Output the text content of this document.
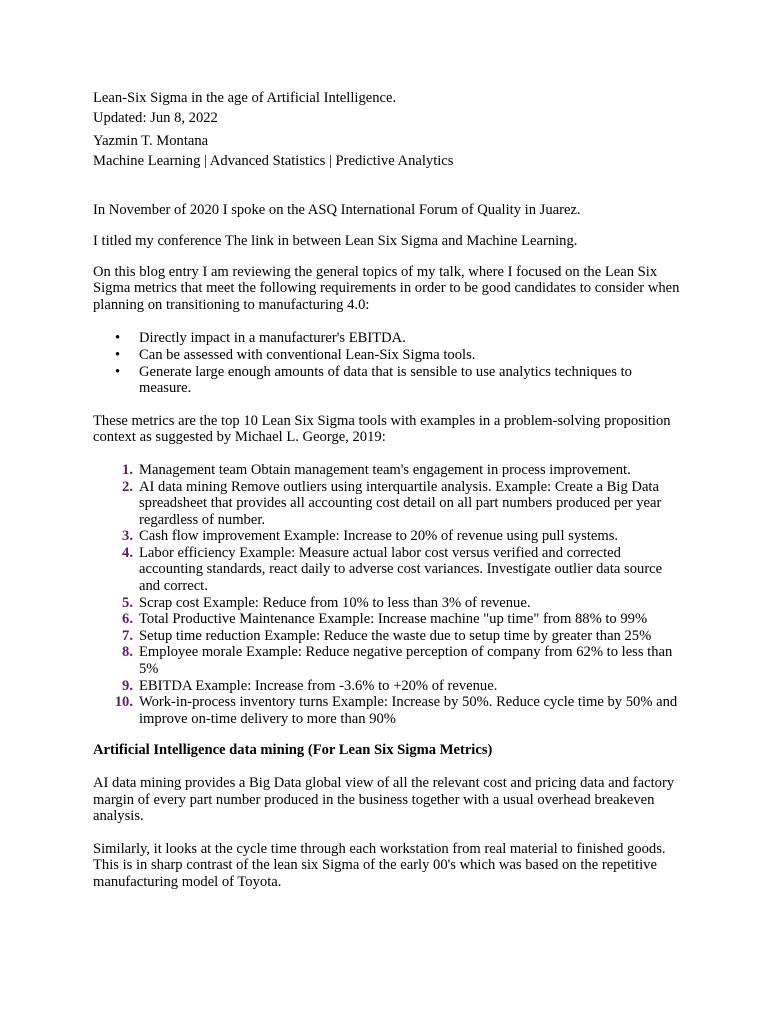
Lean-Six Sigma in the age of Artificial Intelligence.
Updated: Jun 8, 2022
Yazmin T. Montana
Machine Learning | Advanced Statistics | Predictive Analytics

In November of 2020 I spoke on the ASQ International Forum of Quality in Juarez.

I titled my conference The link in between Lean Six Sigma and Machine Learning.

On this blog entry I am reviewing the general topics of my talk, where I focused on the Lean Six Sigma metrics that meet the following requirements in order to be good candidates to consider when planning on transitioning to manufacturing 4.0:

• Directly impact in a manufacturer's EBITDA.
• Can be assessed with conventional Lean-Six Sigma tools.
• Generate large enough amounts of data that is sensible to use analytics techniques to measure.

These metrics are the top 10 Lean Six Sigma tools with examples in a problem-solving proposition context as suggested by Michael L. George, 2019:

1. Management team Obtain management team's engagement in process improvement.
2. AI data mining Remove outliers using interquartile analysis. Example: Create a Big Data spreadsheet that provides all accounting cost detail on all part numbers produced per year regardless of number.
3. Cash flow improvement Example: Increase to 20% of revenue using pull systems.
4. Labor efficiency Example: Measure actual labor cost versus verified and corrected accounting standards, react daily to adverse cost variances. Investigate outlier data source and correct.
5. Scrap cost Example: Reduce from 10% to less than 3% of revenue.
6. Total Productive Maintenance Example: Increase machine "up time" from 88% to 99%
7. Setup time reduction Example: Reduce the waste due to setup time by greater than 25%
8. Employee morale Example: Reduce negative perception of company from 62% to less than 5%
9. EBITDA Example: Increase from -3.6% to +20% of revenue.
10. Work-in-process inventory turns Example: Increase by 50%. Reduce cycle time by 50% and improve on-time delivery to more than 90%

Artificial Intelligence data mining (For Lean Six Sigma Metrics)

AI data mining provides a Big Data global view of all the relevant cost and pricing data and factory margin of every part number produced in the business together with a usual overhead breakeven analysis.

Similarly, it looks at the cycle time through each workstation from real material to finished goods. This is in sharp contrast of the lean six Sigma of the early 00's which was based on the repetitive manufacturing model of Toyota.
